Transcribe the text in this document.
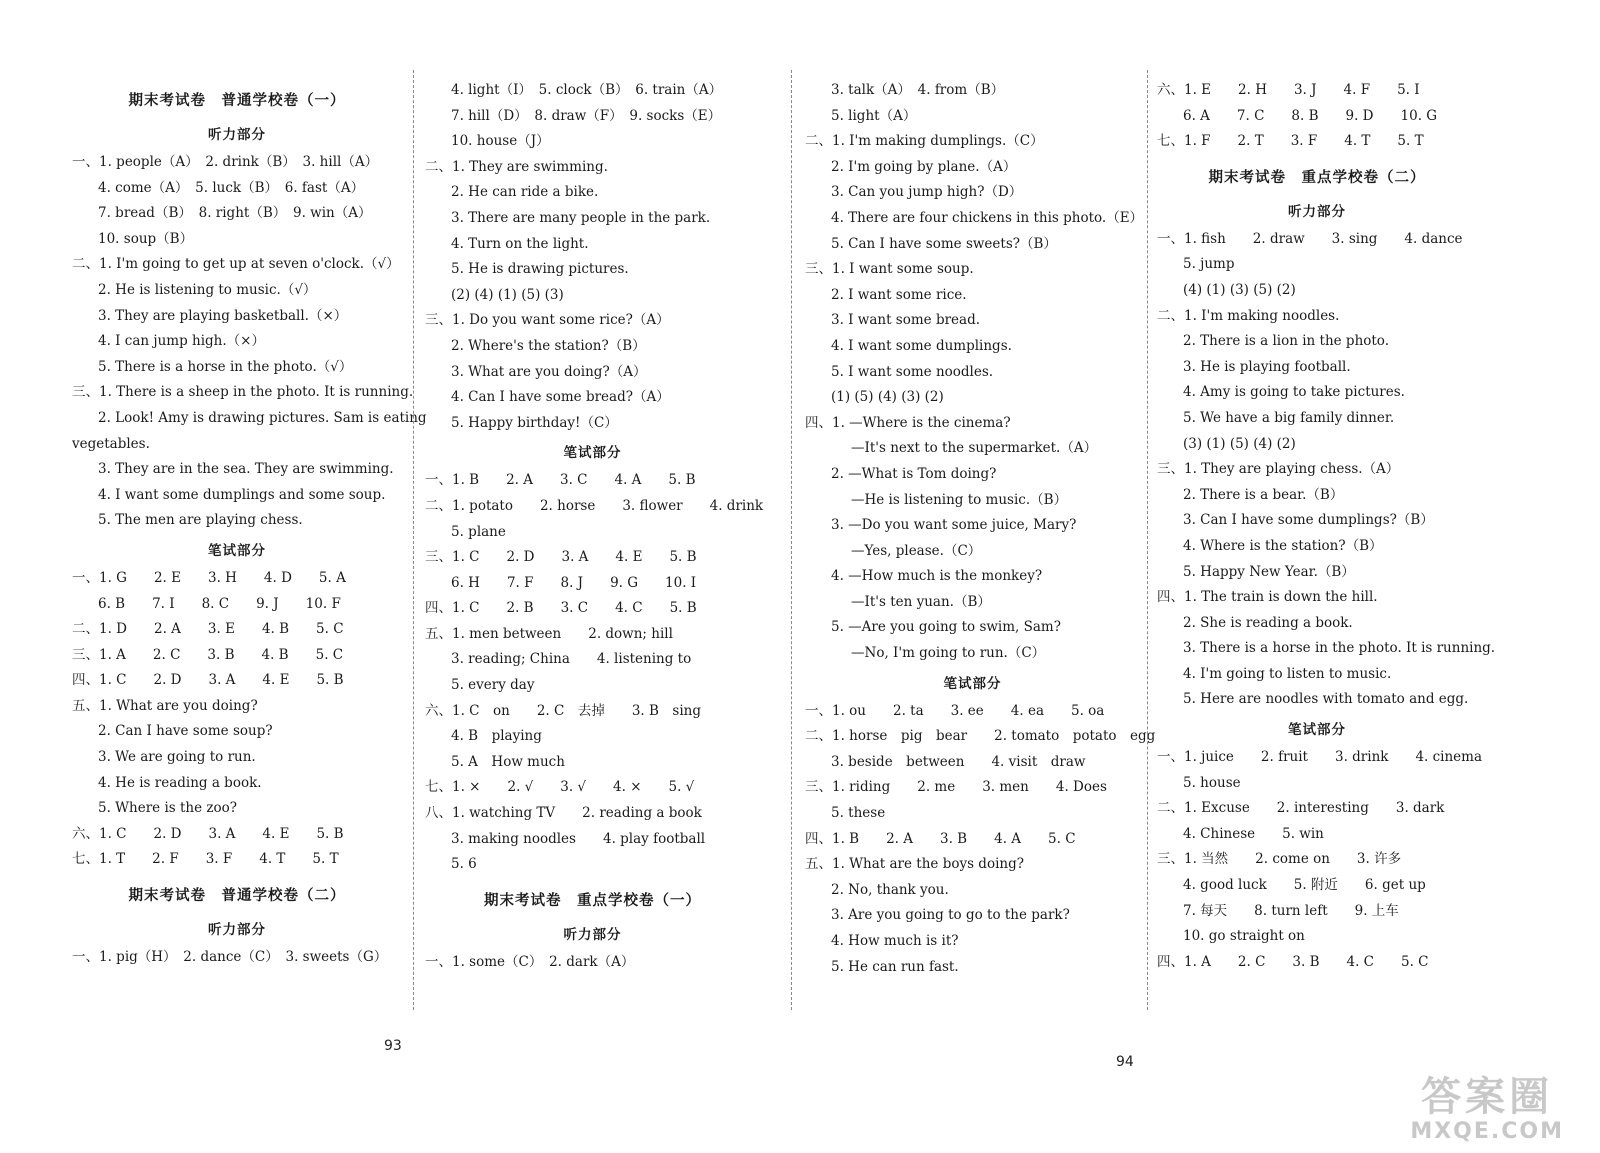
期末考试卷　普通学校卷（一）
听力部分
一、1. people（A）　2. drink（B）　3. hill（A）
4. come（A）　5. luck（B）　6. fast（A）
7. bread（B）　8. right（B）　9. win（A）
10. soup（B）
二、1. I'm going to get up at seven o'clock.（√）
2. He is listening to music.（√）
3. They are playing basketball.（×）
4. I can jump high.（×）
5. There is a horse in the photo.（√）
三、1. There is a sheep in the photo. It is running.
2. Look! Amy is drawing pictures. Sam is eating
vegetables.
3. They are in the sea. They are swimming.
4. I want some dumplings and some soup.
5. The men are playing chess.
笔试部分
一、1. G　　2. E　　3. H　　4. D　　5. A
6. B　　7. I　　8. C　　9. J　　10. F
二、1. D　　2. A　　3. E　　4. B　　5. C
三、1. A　　2. C　　3. B　　4. B　　5. C
四、1. C　　2. D　　3. A　　4. E　　5. B
五、1. What are you doing?
2. Can I have some soup?
3. We are going to run.
4. He is reading a book.
5. Where is the zoo?
六、1. C　　2. D　　3. A　　4. E　　5. B
七、1. T　　2. F　　3. F　　4. T　　5. T
期末考试卷　普通学校卷（二）
听力部分
一、1. pig（H）　2. dance（C）　3. sweets（G）
4. light（I）　5. clock（B）　6. train（A）
7. hill（D）　8. draw（F）　9. socks（E）
10. house（J）
二、1. They are swimming.
2. He can ride a bike.
3. There are many people in the park.
4. Turn on the light.
5. He is drawing pictures.
(2) (4) (1) (5) (3)
三、1. Do you want some rice?（A）
2. Where's the station?（B）
3. What are you doing?（A）
4. Can I have some bread?（A）
5. Happy birthday!（C）
笔试部分
一、1. B　　2. A　　3. C　　4. A　　5. B
二、1. potato　　2. horse　　3. flower　　4. drink
5. plane
三、1. C　　2. D　　3. A　　4. E　　5. B
6. H　　7. F　　8. J　　9. G　　10. I
四、1. C　　2. B　　3. C　　4. C　　5. B
五、1. men between　　2. down; hill
3. reading; China　　4. listening to
5. every day
六、1. C　on　　2. C　去掉　　3. B　sing
4. B　playing
5. A　How much
七、1. ×　　2. √　　3. √　　4. ×　　5. √
八、1. watching TV　　2. reading a book
3. making noodles　　4. play football
5. 6
期末考试卷　重点学校卷（一）
听力部分
一、1. some（C）　2. dark（A）
3. talk（A）　4. from（B）
5. light（A）
二、1. I'm making dumplings.（C）
2. I'm going by plane.（A）
3. Can you jump high?（D）
4. There are four chickens in this photo.（E）
5. Can I have some sweets?（B）
三、1. I want some soup.
2. I want some rice.
3. I want some bread.
4. I want some dumplings.
5. I want some noodles.
(1) (5) (4) (3) (2)
四、1. —Where is the cinema?
—It's next to the supermarket.（A）
2. —What is Tom doing?
—He is listening to music.（B）
3. —Do you want some juice, Mary?
—Yes, please.（C）
4. —How much is the monkey?
—It's ten yuan.（B）
5. —Are you going to swim, Sam?
—No, I'm going to run.（C）
笔试部分
一、1. ou　　2. ta　　3. ee　　4. ea　　5. oa
二、1. horse　pig　bear　　2. tomato　potato　egg
3. beside　between　　4. visit　draw
三、1. riding　　2. me　　3. men　　4. Does
5. these
四、1. B　　2. A　　3. B　　4. A　　5. C
五、1. What are the boys doing?
2. No, thank you.
3. Are you going to go to the park?
4. How much is it?
5. He can run fast.
六、1. E　　2. H　　3. J　　4. F　　5. I
6. A　　7. C　　8. B　　9. D　　10. G
七、1. F　　2. T　　3. F　　4. T　　5. T
期末考试卷　重点学校卷（二）
听力部分
一、1. fish　　2. draw　　3. sing　　4. dance
5. jump
(4) (1) (3) (5) (2)
二、1. I'm making noodles.
2. There is a lion in the photo.
3. He is playing football.
4. Amy is going to take pictures.
5. We have a big family dinner.
(3) (1) (5) (4) (2)
三、1. They are playing chess.（A）
2. There is a bear.（B）
3. Can I have some dumplings?（B）
4. Where is the station?（B）
5. Happy New Year.（B）
四、1. The train is down the hill.
2. She is reading a book.
3. There is a horse in the photo. It is running.
4. I'm going to listen to music.
5. Here are noodles with tomato and egg.
笔试部分
一、1. juice　　2. fruit　　3. drink　　4. cinema
5. house
二、1. Excuse　　2. interesting　　3. dark
4. Chinese　　5. win
三、1. 当然　　2. come on　　3. 许多
4. good luck　　5. 附近　　6. get up
7. 每天　　8. turn left　　9. 上车
10. go straight on
四、1. A　　2. C　　3. B　　4. C　　5. C
93
94
答案圈
MXQE.COM
